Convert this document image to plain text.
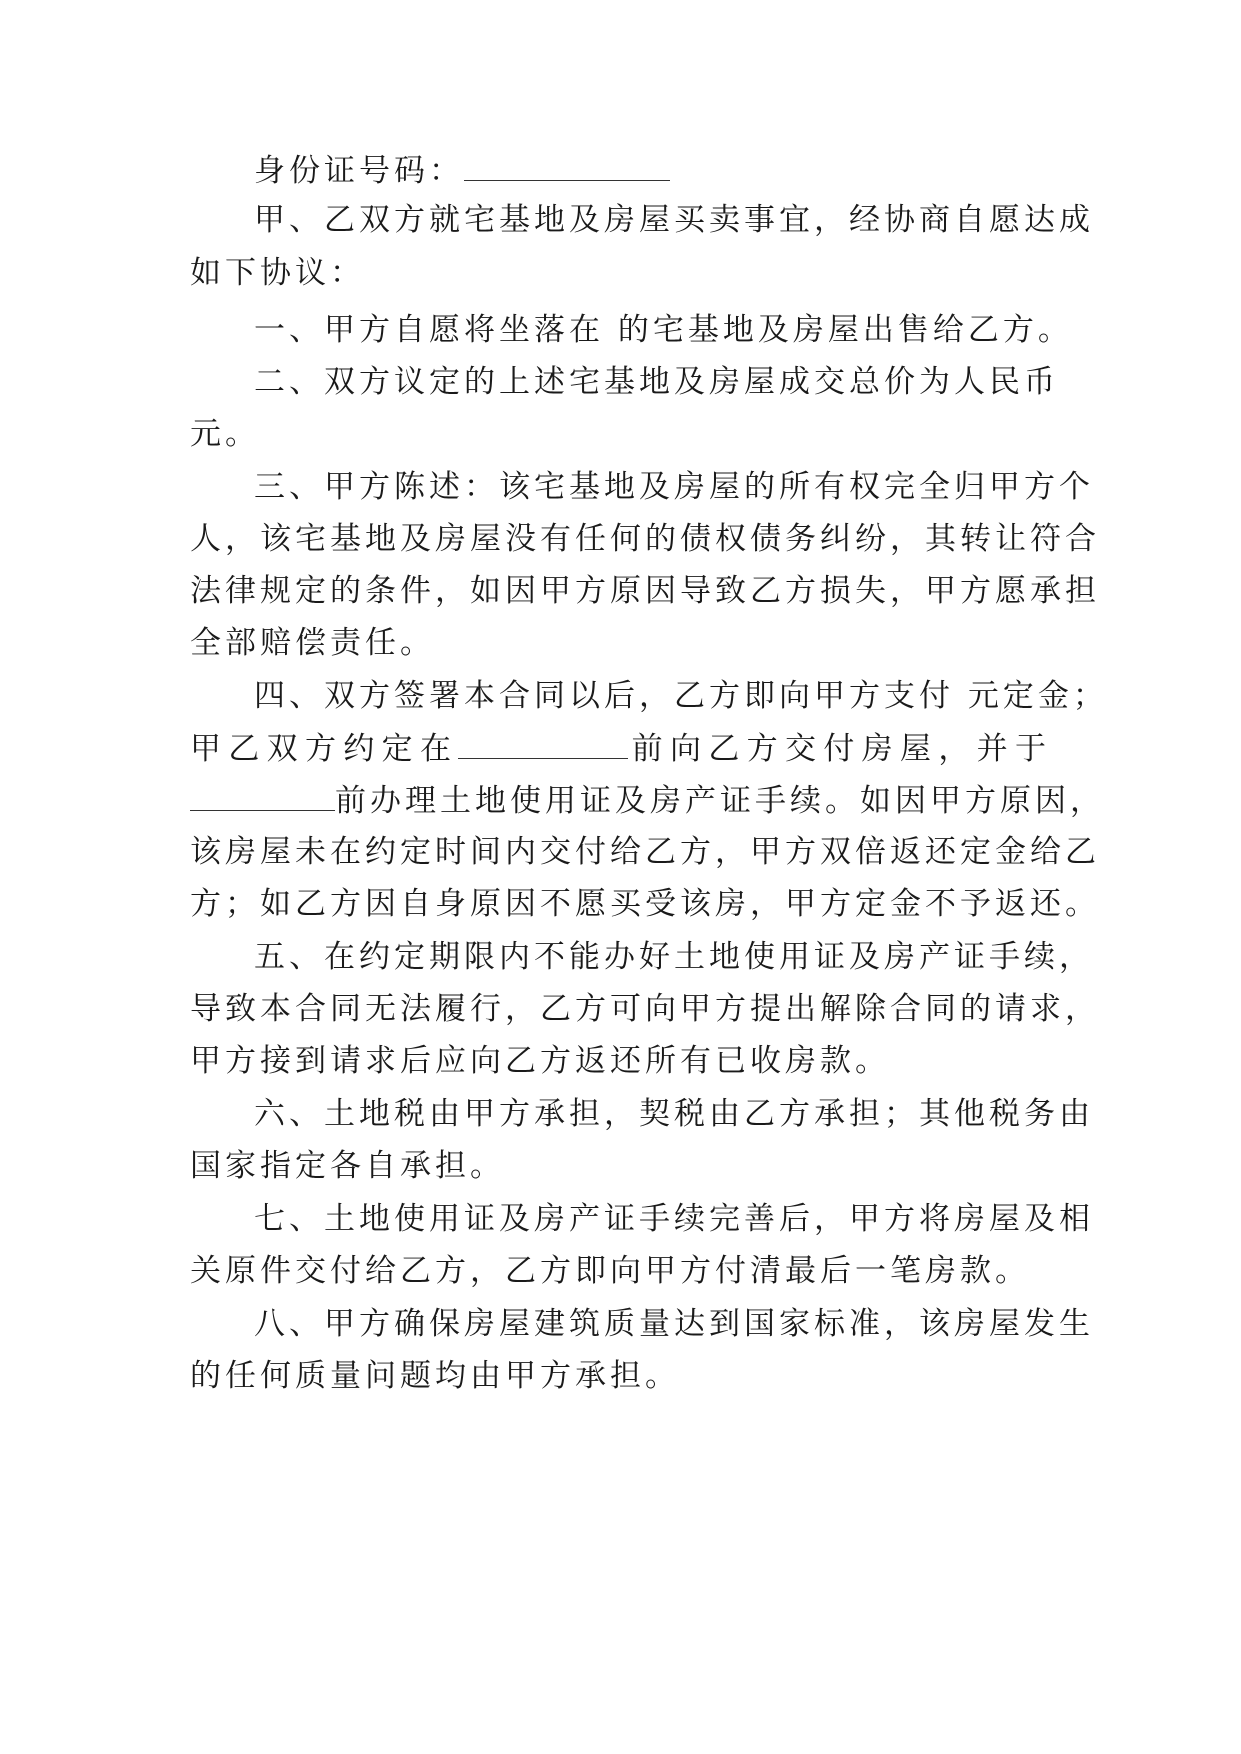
身份证号码：
甲、乙双方就宅基地及房屋买卖事宜，经协商自愿达成
如下协议：
一、甲方自愿将坐落在 的宅基地及房屋出售给乙方。
二、双方议定的上述宅基地及房屋成交总价为人民币
元。
三、甲方陈述：该宅基地及房屋的所有权完全归甲方个
人，该宅基地及房屋没有任何的债权债务纠纷，其转让符合
法律规定的条件，如因甲方原因导致乙方损失，甲方愿承担
全部赔偿责任。
四、双方签署本合同以后，乙方即向甲方支付 元定金；
甲乙双方约定在	前向乙方交付房屋，并于
前办理土地使用证及房产证手续。如因甲方原因，
该房屋未在约定时间内交付给乙方，甲方双倍返还定金给乙
方；如乙方因自身原因不愿买受该房，甲方定金不予返还。
五、在约定期限内不能办好土地使用证及房产证手续，
导致本合同无法履行，乙方可向甲方提出解除合同的请求，
甲方接到请求后应向乙方返还所有已收房款。
六、土地税由甲方承担，契税由乙方承担；其他税务由
国家指定各自承担。
七、土地使用证及房产证手续完善后，甲方将房屋及相
关原件交付给乙方，乙方即向甲方付清最后一笔房款。
八、甲方确保房屋建筑质量达到国家标准，该房屋发生
的任何质量问题均由甲方承担。
